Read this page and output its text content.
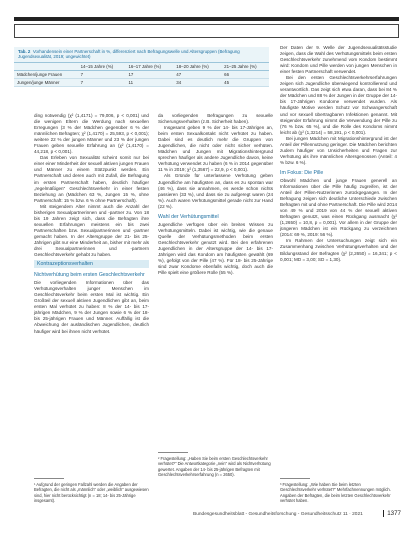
Tab. 2 Vorhandensein einer Partnerschaft in %, differenziert nach Befragungswelle und Altersgruppen (Befragung Jugendsexualität, 2019; ungewichtet)
	14–15 Jahre (%)	16–17 Jahre (%)	18–20 Jahre (%)	21–25 Jahre (%)
Mädchen/junge Frauen	7	17	47	66
Jungen/junge Männer	7	11	34	45

ding notwendig (χ² (1,4171) = 79,006, p < 0,001) und die wenigen Eltern die Werdung nach sexuellen Erregungen (3 % der Mädchen gegenüber 6 % der männlichen Befragten; χ² (1,4170) = 25,593, p < 0,001); weitere 22 % der jungen Männer und 23 % der jungen Frauen geben sexuelle Erfahrung an (χ² (1,4170) = 44,218, p < 0,001).

Das Erleben von Sexualität scheint somit nur bei einer einer Minderheit der sexuell aktiven jungen Frauen und Männer zu einem Stützpunkt werden. Ein Partnerschaft und deren auch mit Zufall, die Befragung im ersten Partnerschaft haben, deutlich häufiger „regelmäßigen“ Geschlechtsverkehr in einer festen Beziehung an (Mädchen 63 %, Jungen 15 %, ohne Partnerschaft: 15 % bzw. 6 % ohne Partnerschaft).

Mit steigendem Alter nimmt auch die Anzahl der bisherigen Sexualpartnerinnen und -partner zu. Von 18 bis 19 Jahren zeigt sich, dass die Befragten ihre sexuellen Erfahrungen meistens ein bis zwei Partnerschaften bzw. Sexualpartnerinnen und -partner gemacht haben. In der Altersgruppe der 21- bis 25-Jährigen gibt nur eine Minderheit an, bisher mit mehr als drei Sexualpartnerinnen und -partnern Geschlechtsverkehr gehabt zu haben.

Kontrazeptionsverhalten
Nichtverhütung beim ersten Geschlechtsverkehr

Die vorliegenden Informationen über das Verhütungsverhalten junger Menschen im Geschlechtsverkehr beim ersten Mal ist wichtig. Ein Großteil der sexuell aktiven Jugendlichen gibt an, beim ersten Mal verhütet zu haben: 8 % der 14- bis 17-jährigen Mädchen, 9 % der Jungen sowie 6 % der 18- bis 25-jährigen Frauen und Männer. Auffällig ist die Abweichung der ausländischen Jugendlichen, deutlich häufiger wird bei ihnen nicht verhütet.

da vorliegenden Befragungen zu sexuelle Sicherungsverhalten (z.B. Sicherheit haben).

Insgesamt geben 9 % der 14- bis 17-Jährigen an, beim ersten Sexualkontakt nicht verhütet zu haben. Dabei sind es deutlich mehr die Gruppen von Jugendlichen, die nicht oder nicht sicher verhüten. Mädchen und Jungen mit Migrationshintergrund sprechen häufiger als andere Jugendliche davon, keine Verhütung verwendet zu haben (6 % in 2014 gegenüber 11 % in 2019; χ² (1,3567) = 22,9, p < 0,001).

Als Gründe für unterlassene Verhütung geben Jugendliche am häufigsten an, dass es zu spontan war (46 %), dass sie annahmen, es werde schon nichts passieren (33 %), und dass sie zu aufgeregt waren (24 %). Auch waren Verhütungsmittel gerade nicht zur Hand (22 %).

Wahl der Verhütungsmittel

Jugendliche verfügen über ein breites Wissen zu Verhütungsmitteln. Dabei ist wichtig, wie die genaue Quelle der Verhütungsmethoden beim ersten Geschlechtsverkehr genutzt wird. Bei den erfahrenen Jugendlichen in der Altersgruppe der 14- bis 17-Jährigen wird das Kondom am häufigsten gewählt (69 %), gefolgt von der Pille (47 %). Für 18- bis 25-Jährige sind zwar Kondome ebenfalls wichtig, doch auch die Pille spielt eine größere Rolle (55 %).

Der Daten der 9. Welle der Jugendsexualitätsstudie zeigen, dass die Wahl des Verhütungsmittels beim ersten Geschlechtsverkehr zunehmend vom Kondom bestimmt wird: Kondom und Pille werden von jungen Menschen in einer festen Partnerschaft verwendet.

Bei den ersten Geschlechtsverkehrserfahrungen zeigen sich Jugendliche überwiegend kontrollierend und verantwortlich. Das zeigt sich etwa daran, dass bei 84 % der Mädchen und 88 % der Jungen in der Gruppe der 14- bis 17-Jährigen Kondome verwendet wurden. Als häufigste Motive werden Schutz vor Schwangerschaft und vor sexuell übertragbaren Infektionen genannt. Mit steigender Erfahrung nimmt die Verwendung der Pille zu (76 % bzw. 65 %), und die Rolle des Kondoms nimmt leicht ab (χ² (1,3214) = 58,191, p < 0,001).

Bei jungen Mädchen mit Migrationshintergrund ist der Anteil der Pillennutzung geringer. Die Mädchen berichten zudem häufiger von Unsicherheiten und Fragen zur Verhütung als ihre männlichen Altersgenossen (Anteil: 4 % bzw. 6 %).

Im Fokus: Die Pille

Obwohl Mädchen und junge Frauen generell an Informationen über die Pille häufig zugreifen, ist der Anteil der Pillen-Nutzerinnen zurückgegangen. In der Befragung zeigen sich deutliche Unterschiede zwischen Befragten mit und ohne Partnerschaft. Die Pille wird 2014 von 49 % und 2019 von 44 % der sexuell aktiven Befragten genutzt, was einen Rückgang ausmacht (χ² (1,2650) = 10,8, p = 0,001). Vor allem in der Gruppe der jüngeren Mädchen ist ein Rückgang zu verzeichnen (2014: 69 %, 2019: 56 %).

Im Rahmen der Untersuchungen zeigt sich ein Zusammenhang zwischen Verhütungsverhalten und der Bildungsstand der Befragten (χ² (2,2650) = 16,341; p < 0,001; MD = 3,00; SD = 1,30).

¹ Aufgrund der geringen Fallzahl werden die Angaben der Befragten, die nicht als „männlich“ oder „weiblich“ ausgewiesen sind, hier nicht berücksichtigt (n = 18; 14- bis 25-Jährige insgesamt).
² Fragestellung: „Haben Sie beim ersten Geschlechtsverkehr verhütet?“ Die Antwortkategorie „nein“ wird als Nichtverhütung gewertet. Angaben der 14- bis 25-jährigen Befragten mit Geschlechtsverkehrserfahrung (n = 2650).
³ Fragestellung: „Wie haben Sie beim letzten Geschlechtsverkehr verhütet?“ Mehrfachnennungen möglich. Angaben der Befragten, die beim letzten Geschlechtsverkehr verhütet haben.
Bundesgesundheitsblatt - Gesundheitsforschung - Gesundheitsschutz 11 · 2021	1377
